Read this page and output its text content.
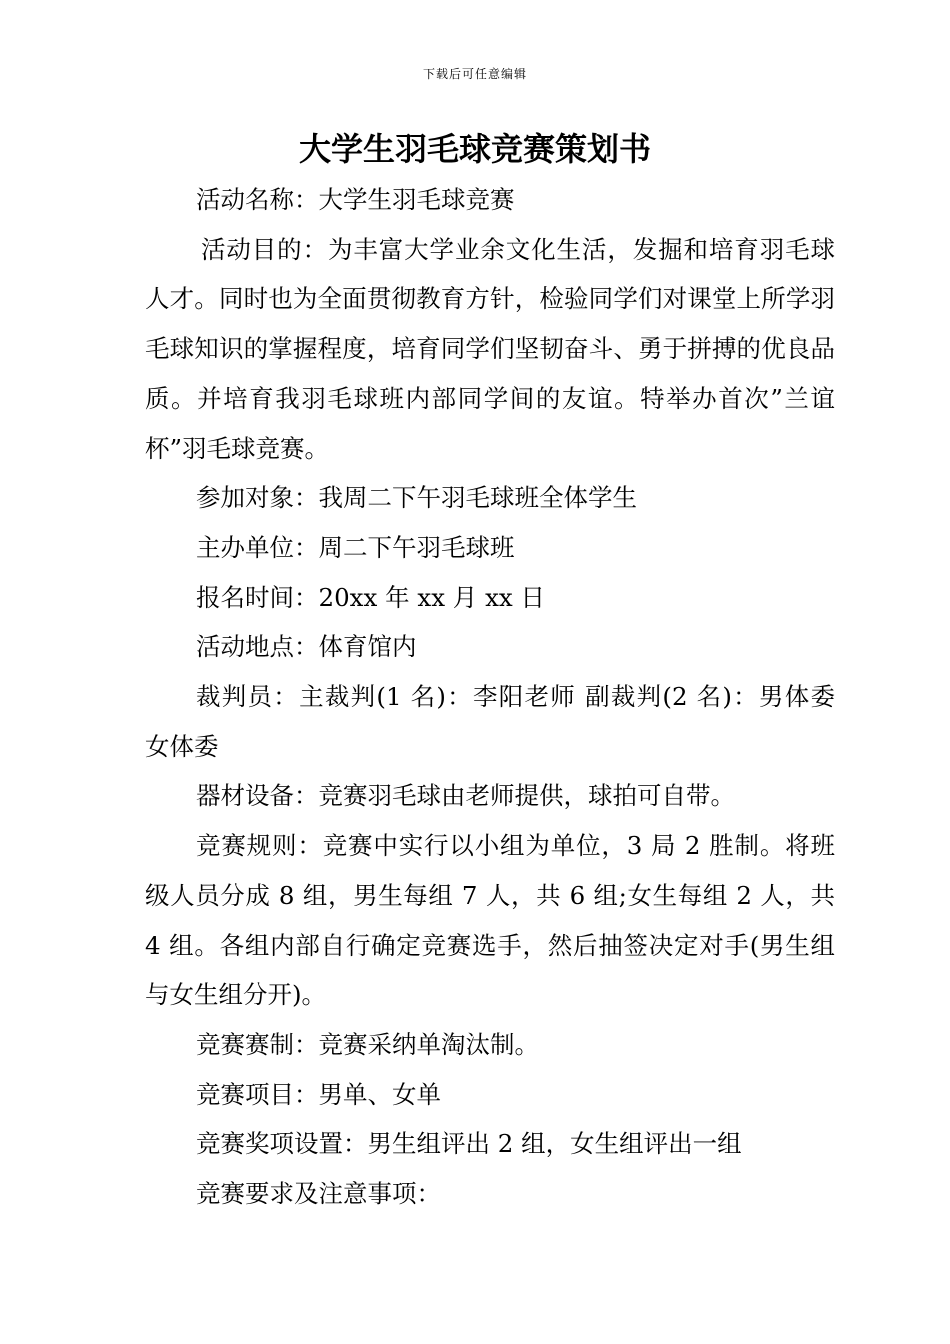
下载后可任意编辑
大学生羽毛球竞赛策划书

活动名称：大学生羽毛球竞赛

活动目的：为丰富大学业余文化生活，发掘和培育羽毛球人才。同时也为全面贯彻教育方针，检验同学们对课堂上所学羽毛球知识的掌握程度，培育同学们坚韧奋斗、勇于拼搏的优良品质。并培育我羽毛球班内部同学间的友谊。特举办首次”兰谊杯”羽毛球竞赛。

参加对象：我周二下午羽毛球班全体学生

主办单位：周二下午羽毛球班

报名时间：20xx 年 xx 月 xx 日

活动地点：体育馆内

裁判员：主裁判(1 名)：李阳老师 副裁判(2 名)：男体委 女体委

器材设备：竞赛羽毛球由老师提供，球拍可自带。

竞赛规则：竞赛中实行以小组为单位，3 局 2 胜制。将班级人员分成 8 组，男生每组 7 人，共 6 组;女生每组 2 人，共 4 组。各组内部自行确定竞赛选手，然后抽签决定对手(男生组与女生组分开)。

竞赛赛制：竞赛采纳单淘汰制。

竞赛项目：男单、女单

竞赛奖项设置：男生组评出 2 组，女生组评出一组

竞赛要求及注意事项：
